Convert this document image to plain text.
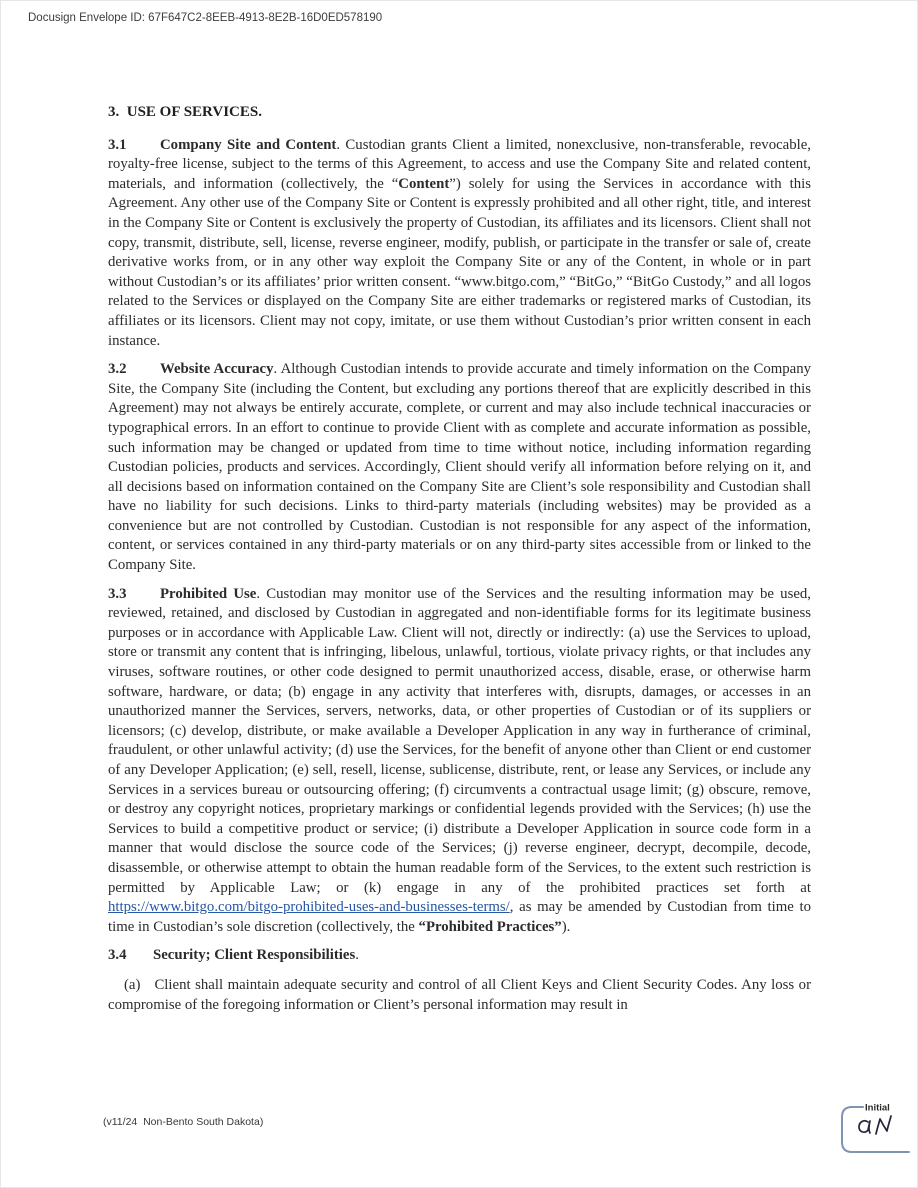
Docusign Envelope ID: 67F647C2-8EEB-4913-8E2B-16D0ED578190

3.  USE OF SERVICES.

3.1 Company Site and Content. Custodian grants Client a limited, nonexclusive, non-transferable, revocable, royalty-free license, subject to the terms of this Agreement, to access and use the Company Site and related content, materials, and information (collectively, the “Content”) solely for using the Services in accordance with this Agreement. Any other use of the Company Site or Content is expressly prohibited and all other right, title, and interest in the Company Site or Content is exclusively the property of Custodian, its affiliates and its licensors. Client shall not copy, transmit, distribute, sell, license, reverse engineer, modify, publish, or participate in the transfer or sale of, create derivative works from, or in any other way exploit the Company Site or any of the Content, in whole or in part without Custodian’s or its affiliates’ prior written consent. “www.bitgo.com,” “BitGo,” “BitGo Custody,” and all logos related to the Services or displayed on the Company Site are either trademarks or registered marks of Custodian, its affiliates or its licensors. Client may not copy, imitate, or use them without Custodian’s prior written consent in each instance.

3.2 Website Accuracy. Although Custodian intends to provide accurate and timely information on the Company Site, the Company Site (including the Content, but excluding any portions thereof that are explicitly described in this Agreement) may not always be entirely accurate, complete, or current and may also include technical inaccuracies or typographical errors. In an effort to continue to provide Client with as complete and accurate information as possible, such information may be changed or updated from time to time without notice, including information regarding Custodian policies, products and services. Accordingly, Client should verify all information before relying on it, and all decisions based on information contained on the Company Site are Client’s sole responsibility and Custodian shall have no liability for such decisions. Links to third-party materials (including websites) may be provided as a convenience but are not controlled by Custodian. Custodian is not responsible for any aspect of the information, content, or services contained in any third-party materials or on any third-party sites accessible from or linked to the Company Site.

3.3 Prohibited Use. Custodian may monitor use of the Services and the resulting information may be used, reviewed, retained, and disclosed by Custodian in aggregated and non-identifiable forms for its legitimate business purposes or in accordance with Applicable Law. Client will not, directly or indirectly: (a) use the Services to upload, store or transmit any content that is infringing, libelous, unlawful, tortious, violate privacy rights, or that includes any viruses, software routines, or other code designed to permit unauthorized access, disable, erase, or otherwise harm software, hardware, or data; (b) engage in any activity that interferes with, disrupts, damages, or accesses in an unauthorized manner the Services, servers, networks, data, or other properties of Custodian or of its suppliers or licensors; (c) develop, distribute, or make available a Developer Application in any way in furtherance of criminal, fraudulent, or other unlawful activity; (d) use the Services, for the benefit of anyone other than Client or end customer of any Developer Application; (e) sell, resell, license, sublicense, distribute, rent, or lease any Services, or include any Services in a services bureau or outsourcing offering; (f) circumvents a contractual usage limit; (g) obscure, remove, or destroy any copyright notices, proprietary markings or confidential legends provided with the Services; (h) use the Services to build a competitive product or service; (i) distribute a Developer Application in source code form in a manner that would disclose the source code of the Services; (j) reverse engineer, decrypt, decompile, decode, disassemble, or otherwise attempt to obtain the human readable form of the Services, to the extent such restriction is permitted by Applicable Law; or (k) engage in any of the prohibited practices set forth at https://www.bitgo.com/bitgo-prohibited-uses-and-businesses-terms/, as may be amended by Custodian from time to time in Custodian’s sole discretion (collectively, the “Prohibited Practices”).

3.4 Security; Client Responsibilities.

(a) Client shall maintain adequate security and control of all Client Keys and Client Security Codes. Any loss or compromise of the foregoing information or Client’s personal information may result in

(v11/24  Non-Bento South Dakota)
Initial
